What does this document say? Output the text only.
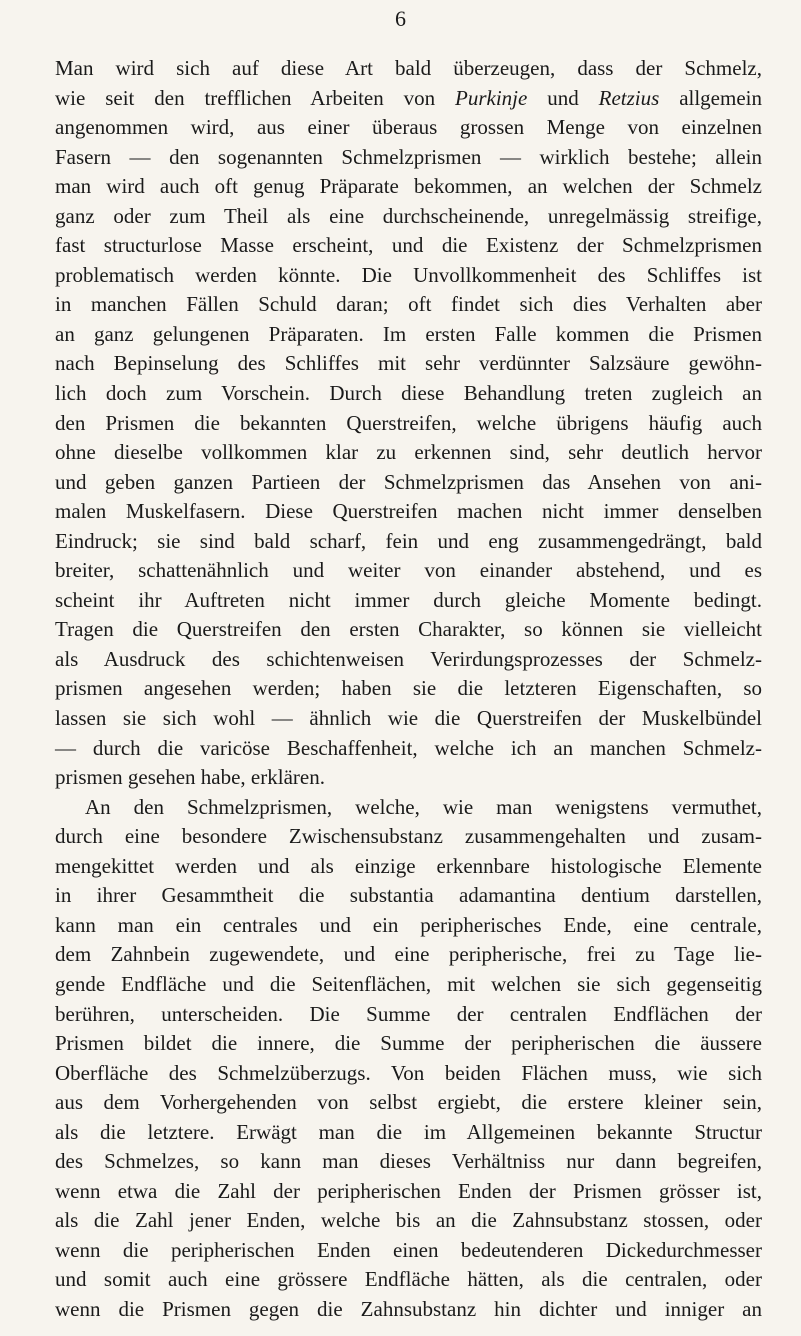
6
Man wird sich auf diese Art bald überzeugen, dass der Schmelz,
wie seit den trefflichen Arbeiten von Purkinje und Retzius allgemein
angenommen wird, aus einer überaus grossen Menge von einzelnen
Fasern — den sogenannten Schmelzprismen — wirklich bestehe; allein
man wird auch oft genug Präparate bekommen, an welchen der Schmelz
ganz oder zum Theil als eine durchscheinende, unregelmässig streifige,
fast structurlose Masse erscheint, und die Existenz der Schmelzprismen
problematisch werden könnte. Die Unvollkommenheit des Schliffes ist
in manchen Fällen Schuld daran; oft findet sich dies Verhalten aber
an ganz gelungenen Präparaten. Im ersten Falle kommen die Prismen
nach Bepinselung des Schliffes mit sehr verdünnter Salzsäure gewöhn-
lich doch zum Vorschein. Durch diese Behandlung treten zugleich an
den Prismen die bekannten Querstreifen, welche übrigens häufig auch
ohne dieselbe vollkommen klar zu erkennen sind, sehr deutlich hervor
und geben ganzen Partieen der Schmelzprismen das Ansehen von ani-
malen Muskelfasern. Diese Querstreifen machen nicht immer denselben
Eindruck; sie sind bald scharf, fein und eng zusammengedrängt, bald
breiter, schattenähnlich und weiter von einander abstehend, und es
scheint ihr Auftreten nicht immer durch gleiche Momente bedingt.
Tragen die Querstreifen den ersten Charakter, so können sie vielleicht
als Ausdruck des schichtenweisen Verirdungsprozesses der Schmelz-
prismen angesehen werden; haben sie die letzteren Eigenschaften, so
lassen sie sich wohl — ähnlich wie die Querstreifen der Muskelbündel
— durch die varicöse Beschaffenheit, welche ich an manchen Schmelz-
prismen gesehen habe, erklären.
An den Schmelzprismen, welche, wie man wenigstens vermuthet,
durch eine besondere Zwischensubstanz zusammengehalten und zusam-
mengekittet werden und als einzige erkennbare histologische Elemente
in ihrer Gesammtheit die substantia adamantina dentium darstellen,
kann man ein centrales und ein peripherisches Ende, eine centrale,
dem Zahnbein zugewendete, und eine peripherische, frei zu Tage lie-
gende Endfläche und die Seitenflächen, mit welchen sie sich gegenseitig
berühren, unterscheiden. Die Summe der centralen Endflächen der
Prismen bildet die innere, die Summe der peripherischen die äussere
Oberfläche des Schmelzüberzugs. Von beiden Flächen muss, wie sich
aus dem Vorhergehenden von selbst ergiebt, die erstere kleiner sein,
als die letztere. Erwägt man die im Allgemeinen bekannte Structur
des Schmelzes, so kann man dieses Verhältniss nur dann begreifen,
wenn etwa die Zahl der peripherischen Enden der Prismen grösser ist,
als die Zahl jener Enden, welche bis an die Zahnsubstanz stossen, oder
wenn die peripherischen Enden einen bedeutenderen Dickedurchmesser
und somit auch eine grössere Endfläche hätten, als die centralen, oder
wenn die Prismen gegen die Zahnsubstanz hin dichter und inniger an
